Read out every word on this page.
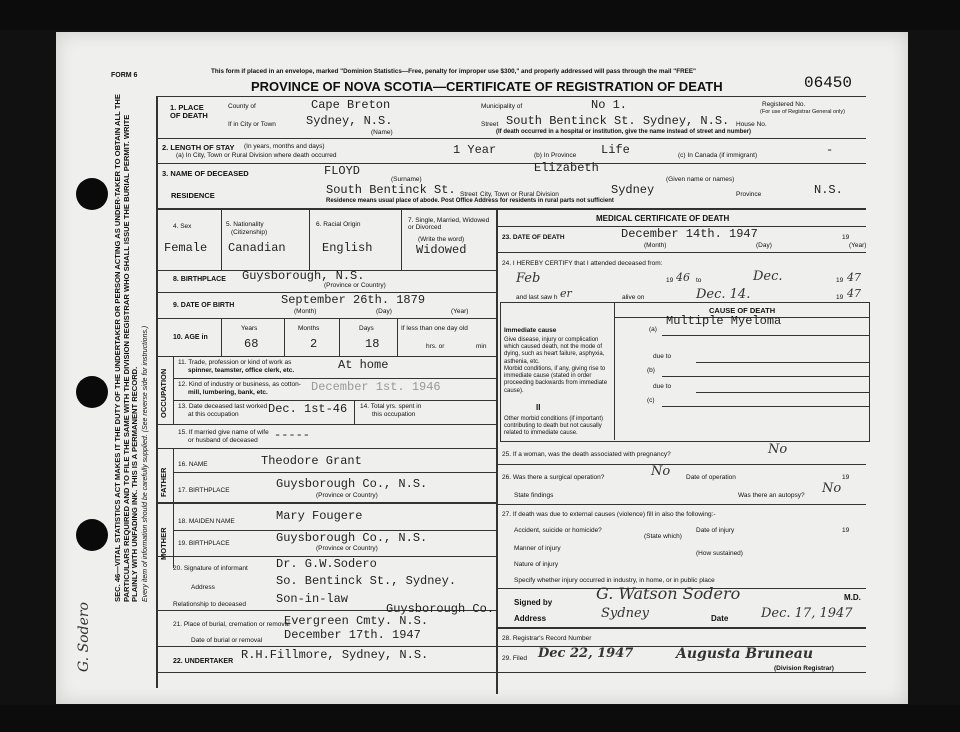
SEC. 46—VITAL STATISTICS ACT MAKES IT THE DUTY OF THE UNDERTAKER OR PERSON ACTING AS UNDER-TAKER TO OBTAIN ALL THE PARTICULARS REQUIRED AND TO FILE THE SAME WITH THE DIVISION REGISTRAR WHO SHALL ISSUE THE BURIAL PERMIT. WRITE PLAINLY WITH UNFADING INK. THIS IS A PERMANENT RECORD. Every item of information should be carefully supplied. (See reverse side for instructions.)
G. Sodero
FORM 6
This form if placed in an envelope, marked "Dominion Statistics—Free, penalty for improper use $300," and properly addressed will pass through the mail "FREE"
PROVINCE OF NOVA SCOTIA—CERTIFICATE OF REGISTRATION OF DEATH	06450
1. PLACE OF DEATH
County of	Cape Breton	Municipality of	No 1.	Registered No.
(For use of Registrar General only)
If in City or Town	Sydney, N.S.
(Name)
Street South Bentinck St. Sydney, N.S. House No.
(If death occurred in a hospital or institution, give the name instead of street and number)
2. LENGTH OF STAY (In years, months and days)
(a) In City, Town or Rural Division where death occurred	1 Year	(b) In Province Life	(c) In Canada (if immigrant)	-
3. NAME OF DECEASED	FLOYD
(Surname)
Elizabeth
(Given name or names)
RESIDENCE	South Bentinck St. Street City, Town or Rural Division	Sydney	Province	N.S.
Residence means usual place of abode. Post Office Address for residents in rural parts not sufficient
4. Sex
Female
5. Nationality
(Citizenship)
Canadian
6. Racial Origin
English
7. Single, Married, Widowed or Divorced
(Write the word)
Widowed
8. BIRTHPLACE Guysborough, N.S.
(Province or Country)
9. DATE OF BIRTH	September 26th. 1879
(Month)	(Day)	(Year)
10. AGE in
Years
68
Months
2
Days
18
If less than one day old
hrs. or	min
OCCUPATION
11. Trade, profession or kind of work as
spinner, teamster, office clerk, etc.	At home
12. Kind of industry or business, as cotton-
mill, lumbering, bank, etc.	December 1st. 1946
13. Date deceased last worked
at this occupation Dec. 1st-46 14. Total yrs. spent in
this occupation
15. If married give name of wife
or husband of deceased -----
FATHER
MOTHER
16. NAME	Theodore Grant
17. BIRTHPLACE	Guysborough Co., N.S.
(Province or Country)
18. MAIDEN NAME	Mary Fougere
19. BIRTHPLACE	Guysborough Co., N.S.
(Province or Country)
20. Signature of informant Dr. G.W.Sodero
Address	So. Bentinck St., Sydney.
Relationship to deceased	Son-in-law
Guysborough Co.
21. Place of burial, cremation or removal
Evergreen Cmty. N.S.
Date of burial or removal December 17th. 1947
22. UNDERTAKER R.H.Fillmore, Sydney, N.S.
MEDICAL CERTIFICATE OF DEATH
23. DATE OF DEATH	December 14th. 1947	19
(Month)	(Day)	(Year)
24. I HEREBY CERTIFY that I attended deceased from:
Feb	19 46 to	Dec.	19 47
and last saw h er	alive on	Dec. 14.	19 47
CAUSE OF DEATH
Immediate cause
Give disease, injury or complication which caused death, not the mode of dying, such as heart failure, asphyxia, asthenia, etc.
(a)
Multiple Myeloma
due to
Morbid conditions, if any, giving rise to immediate cause (stated in order proceeding backwards from immediate cause).
(b)
due to
(c)
II
Other morbid conditions (if important) contributing to death but not causally related to immediate cause.
25. If a woman, was the death associated with pregnancy?	No
26. Was there a surgical operation?	No Date of operation	19
State findings	Was there an autopsy? No
27. If death was due to external causes (violence) fill in also the following:-
Accident, suicide or homicide?
(State which)
Date of injury	19
Manner of injury
(How sustained)
Nature of injury
Specify whether injury occurred in industry, in home, or in public place
Signed by	G. Watson Sodero	M.D.
Address	Sydney	Date	Dec. 17, 1947
28. Registrar's Record Number
29. Filed Dec 22, 1947	Augusta Bruneau
(Division Registrar)
